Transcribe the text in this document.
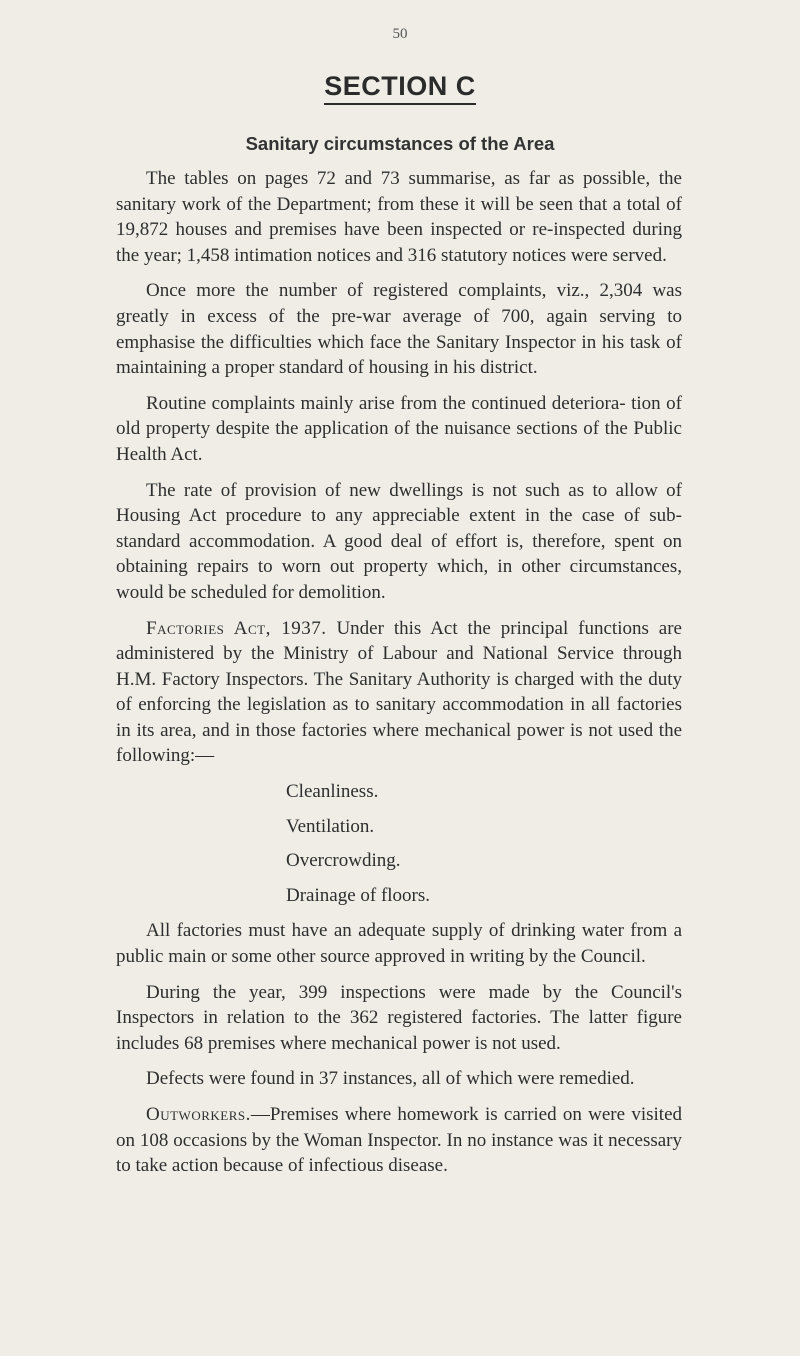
50
SECTION C
Sanitary circumstances of the Area

The tables on pages 72 and 73 summarise, as far as possible, the sanitary work of the Department; from these it will be seen that a total of 19,872 houses and premises have been inspected or re-inspected during the year; 1,458 intimation notices and 316 statutory notices were served.

Once more the number of registered complaints, viz., 2,304 was greatly in excess of the pre-war average of 700, again serving to emphasise the difficulties which face the Sanitary Inspector in his task of maintaining a proper standard of housing in his district.

Routine complaints mainly arise from the continued deteriora- tion of old property despite the application of the nuisance sections of the Public Health Act.

The rate of provision of new dwellings is not such as to allow of Housing Act procedure to any appreciable extent in the case of sub-standard accommodation. A good deal of effort is, therefore, spent on obtaining repairs to worn out property which, in other circumstances, would be scheduled for demolition.

Factories Act, 1937. Under this Act the principal functions are administered by the Ministry of Labour and National Service through H.M. Factory Inspectors. The Sanitary Authority is charged with the duty of enforcing the legislation as to sanitary accommodation in all factories in its area, and in those factories where mechanical power is not used the following:—

Cleanliness.
Ventilation.
Overcrowding.
Drainage of floors.

All factories must have an adequate supply of drinking water from a public main or some other source approved in writing by the Council.

During the year, 399 inspections were made by the Council's Inspectors in relation to the 362 registered factories. The latter figure includes 68 premises where mechanical power is not used.

Defects were found in 37 instances, all of which were remedied.

Outworkers.—Premises where homework is carried on were visited on 108 occasions by the Woman Inspector. In no instance was it necessary to take action because of infectious disease.
